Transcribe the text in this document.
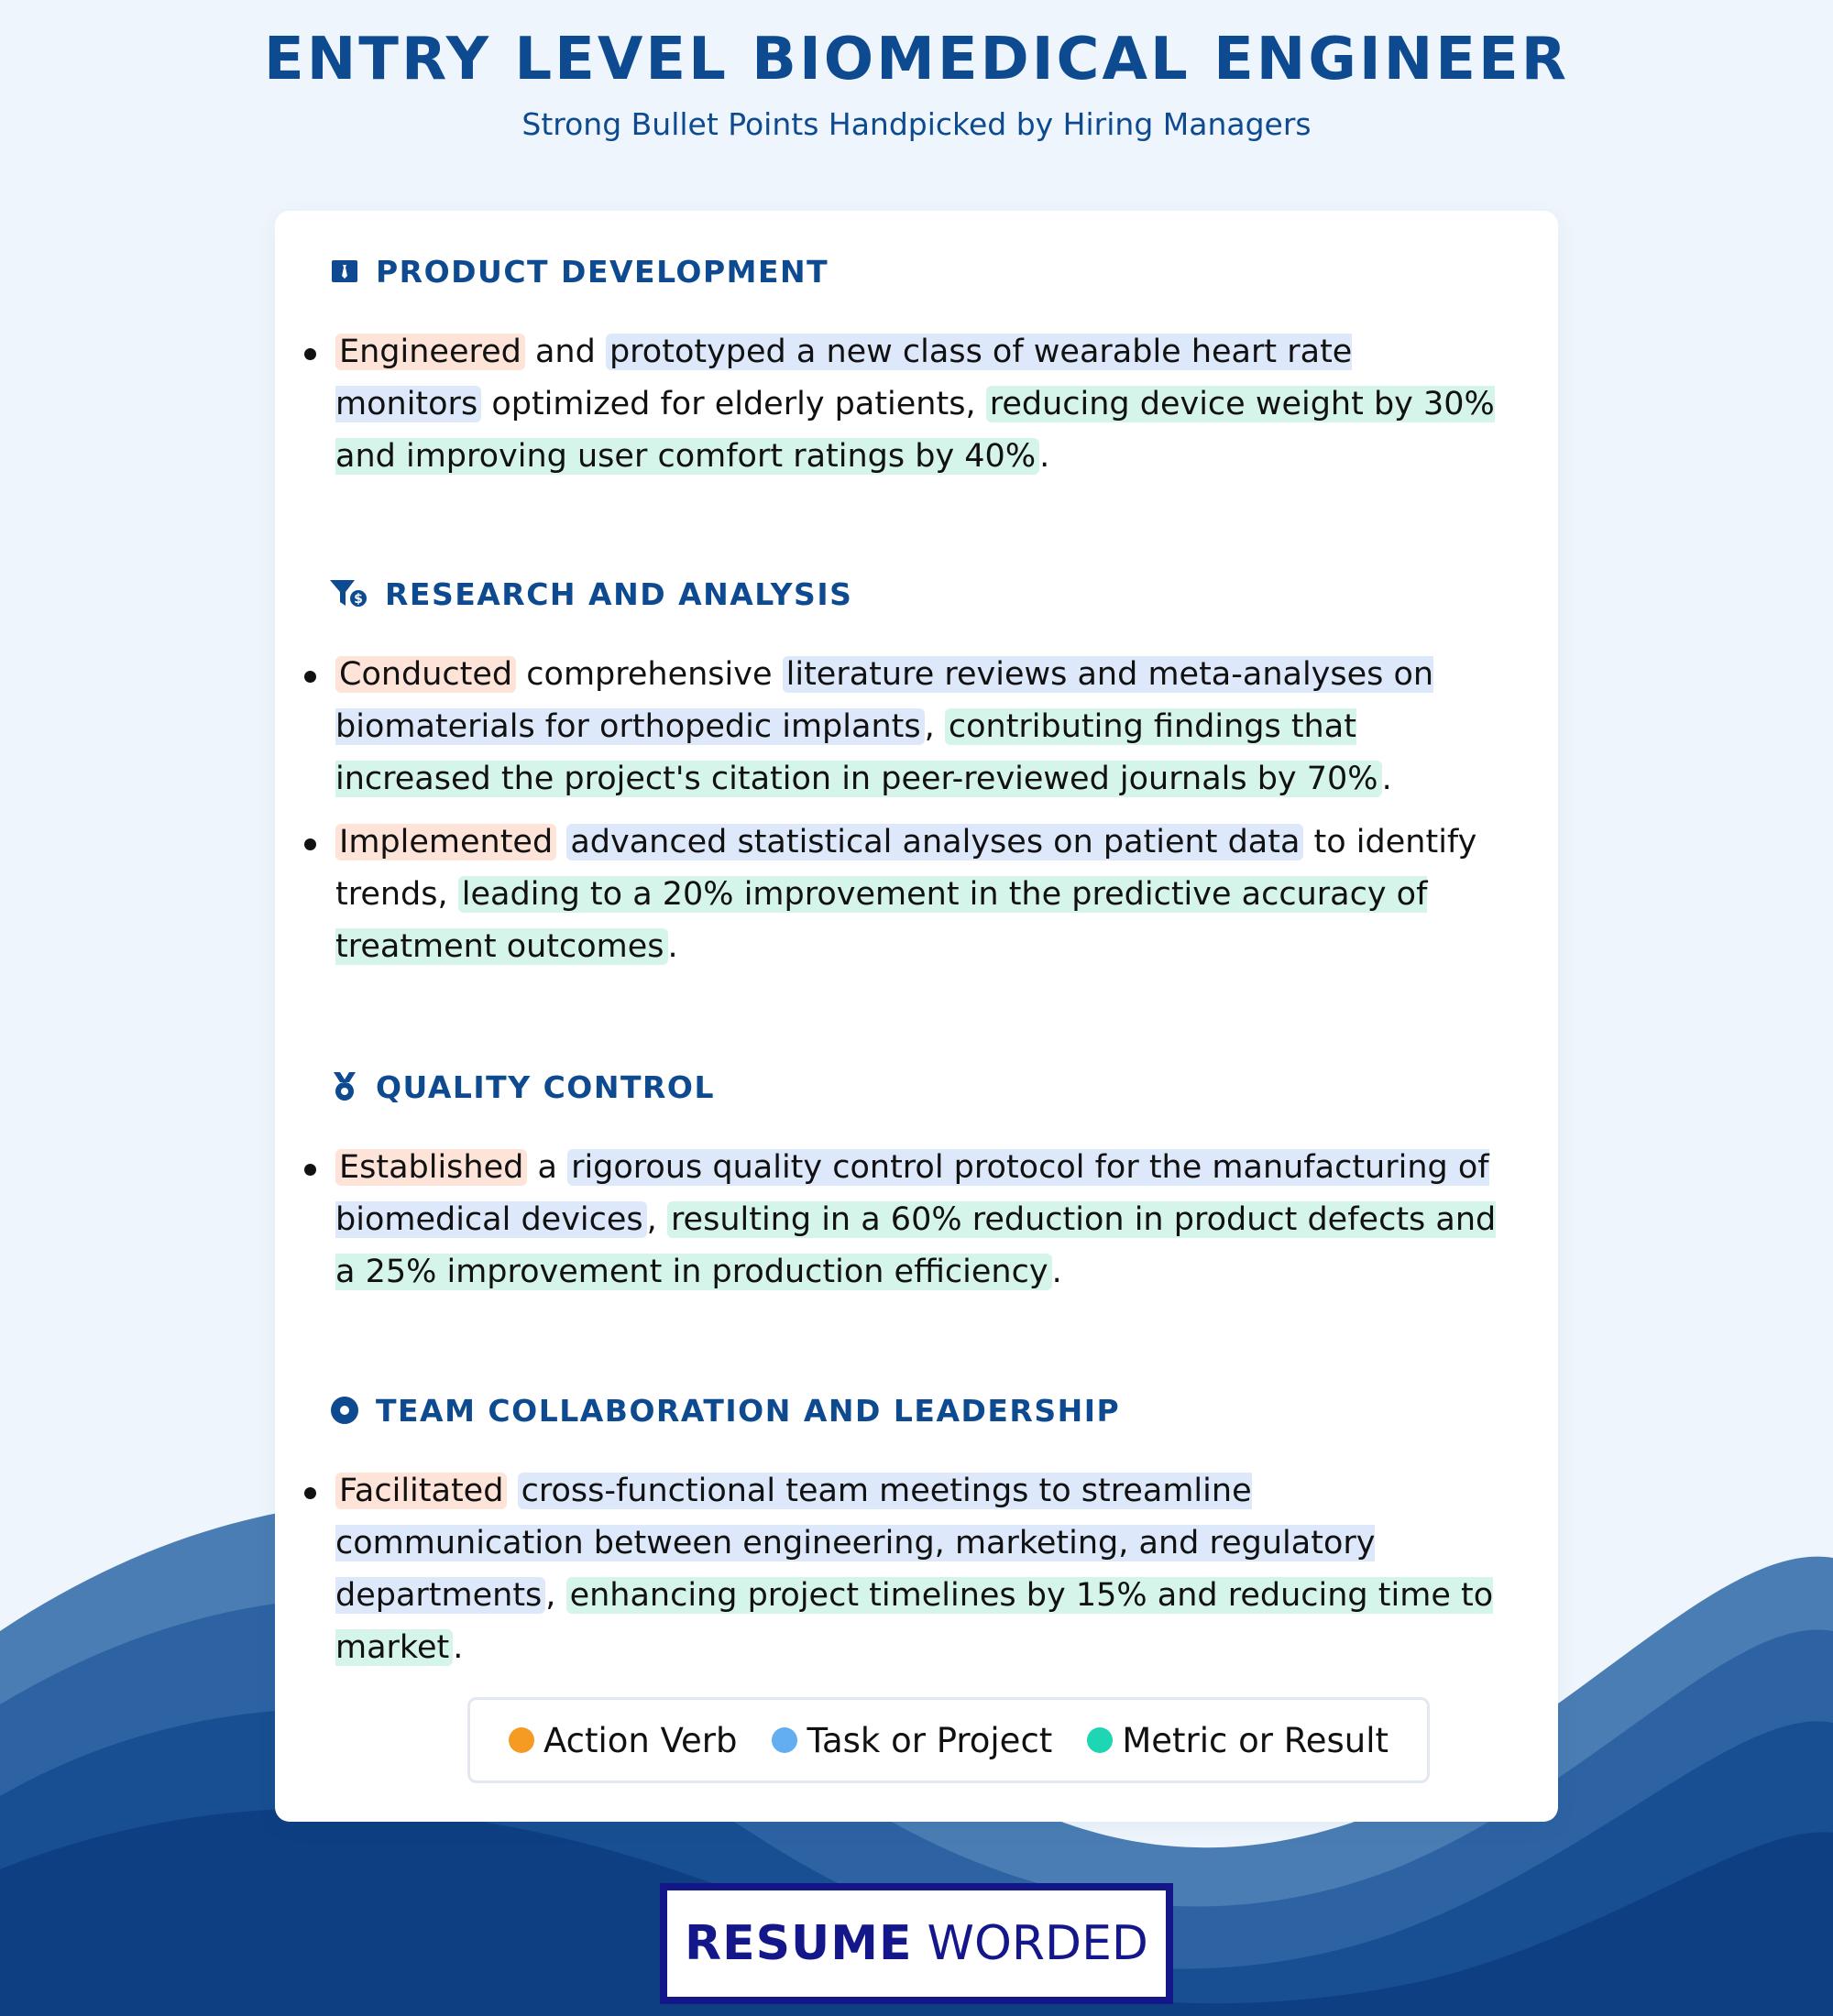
ENTRY LEVEL BIOMEDICAL ENGINEER
Strong Bullet Points Handpicked by Hiring Managers
PRODUCT DEVELOPMENT
Engineered and prototyped a new class of wearable heart rate monitors optimized for elderly patients, reducing device weight by 30% and improving user comfort ratings by 40% .
$ RESEARCH AND ANALYSIS
Conducted comprehensive literature reviews and meta-analyses on biomaterials for orthopedic implants , contributing findings that increased the project's citation in peer-reviewed journals by 70% .
Implemented advanced statistical analyses on patient data to identify trends, leading to a 20% improvement in the predictive accuracy of treatment outcomes .
QUALITY CONTROL
Established a rigorous quality control protocol for the manufacturing of biomedical devices , resulting in a 60% reduction in product defects and a 25% improvement in production efficiency .
TEAM COLLABORATION AND LEADERSHIP
Facilitated cross-functional team meetings to streamline communication between engineering, marketing, and regulatory departments , enhancing project timelines by 15% and reducing time to market .
Action Verb Task or Project Metric or Result
RESUME WORDED
